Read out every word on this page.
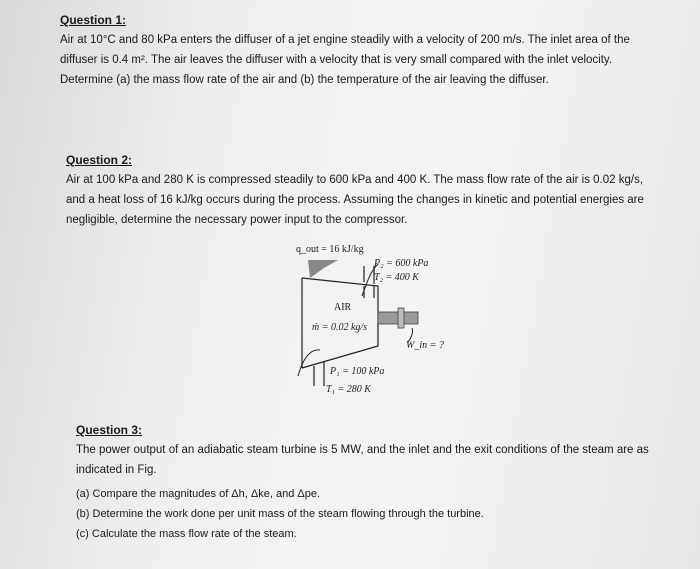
Question 1:
Air at 10°C and 80 kPa enters the diffuser of a jet engine steadily with a velocity of 200 m/s. The inlet area of the diffuser is 0.4 m². The air leaves the diffuser with a velocity that is very small compared with the inlet velocity. Determine (a) the mass flow rate of the air and (b) the temperature of the air leaving the diffuser.
Question 2:
Air at 100 kPa and 280 K is compressed steadily to 600 kPa and 400 K. The mass flow rate of the air is 0.02 kg/s, and a heat loss of 16 kJ/kg occurs during the process. Assuming the changes in kinetic and potential energies are negligible, determine the necessary power input to the compressor.
q_out = 16 kJ/kg
P₂ = 600 kPa
T₂ = 400 K
AIR
ṁ = 0.02 kg/s
W_in = ?
P₁ = 100 kPa
T₁ = 280 K
Question 3:
The power output of an adiabatic steam turbine is 5 MW, and the inlet and the exit conditions of the steam are as indicated in Fig.
(a) Compare the magnitudes of Δh, Δke, and Δpe.
(b) Determine the work done per unit mass of the steam flowing through the turbine.
(c) Calculate the mass flow rate of the steam.
